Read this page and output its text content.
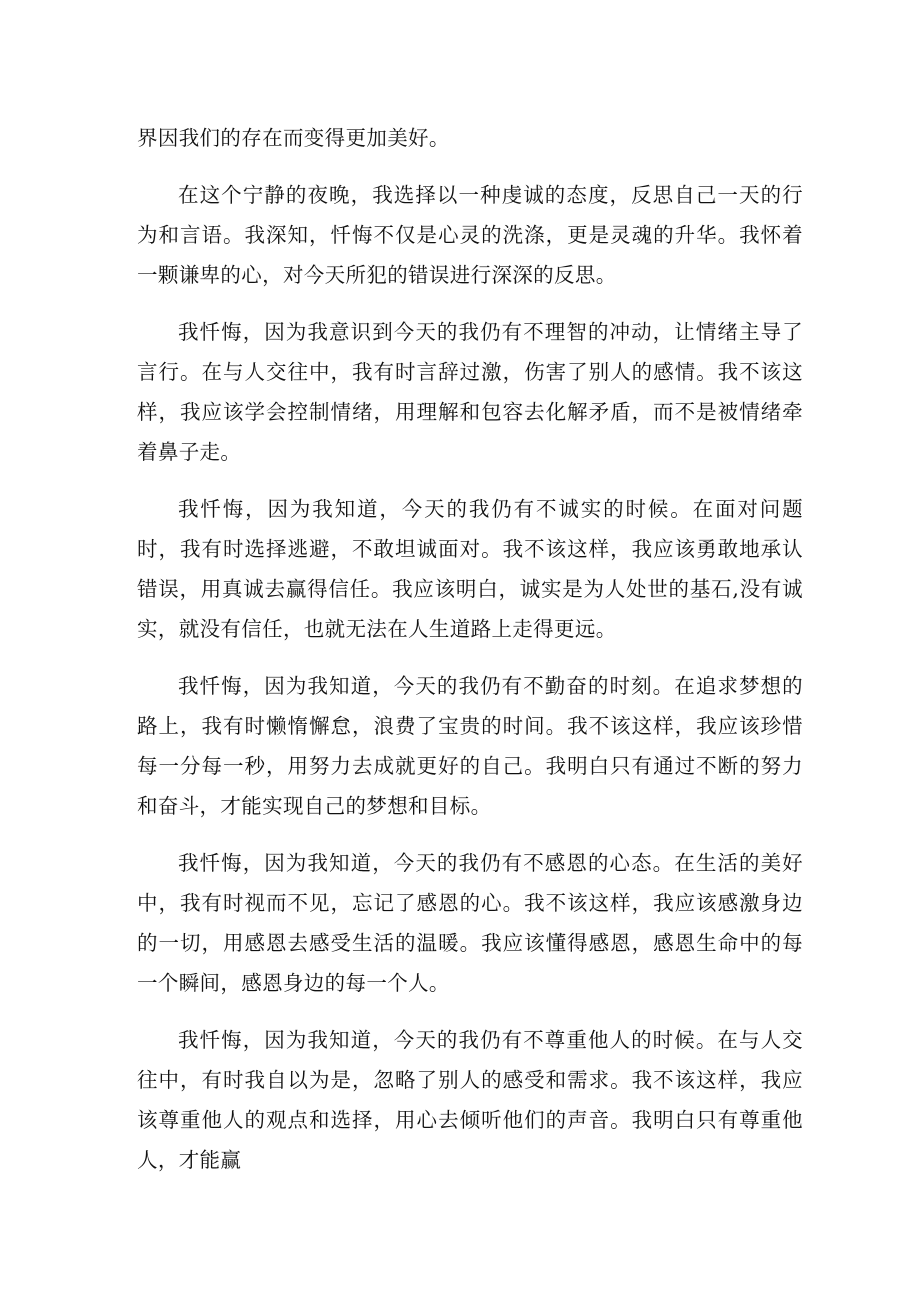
界因我们的存在而变得更加美好。

在这个宁静的夜晚，我选择以一种虔诚的态度，反思自己一天的行为和言语。我深知，忏悔不仅是心灵的洗涤，更是灵魂的升华。我怀着一颗谦卑的心，对今天所犯的错误进行深深的反思。

我忏悔，因为我意识到今天的我仍有不理智的冲动，让情绪主导了言行。在与人交往中，我有时言辞过激，伤害了别人的感情。我不该这样，我应该学会控制情绪，用理解和包容去化解矛盾，而不是被情绪牵着鼻子走。

我忏悔，因为我知道，今天的我仍有不诚实的时候。在面对问题时，我有时选择逃避，不敢坦诚面对。我不该这样，我应该勇敢地承认错误，用真诚去赢得信任。我应该明白，诚实是为人处世的基石,没有诚实，就没有信任，也就无法在人生道路上走得更远。

我忏悔，因为我知道，今天的我仍有不勤奋的时刻。在追求梦想的路上，我有时懒惰懈怠，浪费了宝贵的时间。我不该这样，我应该珍惜每一分每一秒，用努力去成就更好的自己。我明白只有通过不断的努力和奋斗，才能实现自己的梦想和目标。

我忏悔，因为我知道，今天的我仍有不感恩的心态。在生活的美好中，我有时视而不见，忘记了感恩的心。我不该这样，我应该感激身边的一切，用感恩去感受生活的温暖。我应该懂得感恩，感恩生命中的每一个瞬间，感恩身边的每一个人。

我忏悔，因为我知道，今天的我仍有不尊重他人的时候。在与人交往中，有时我自以为是，忽略了别人的感受和需求。我不该这样，我应该尊重他人的观点和选择，用心去倾听他们的声音。我明白只有尊重他人，才能赢
